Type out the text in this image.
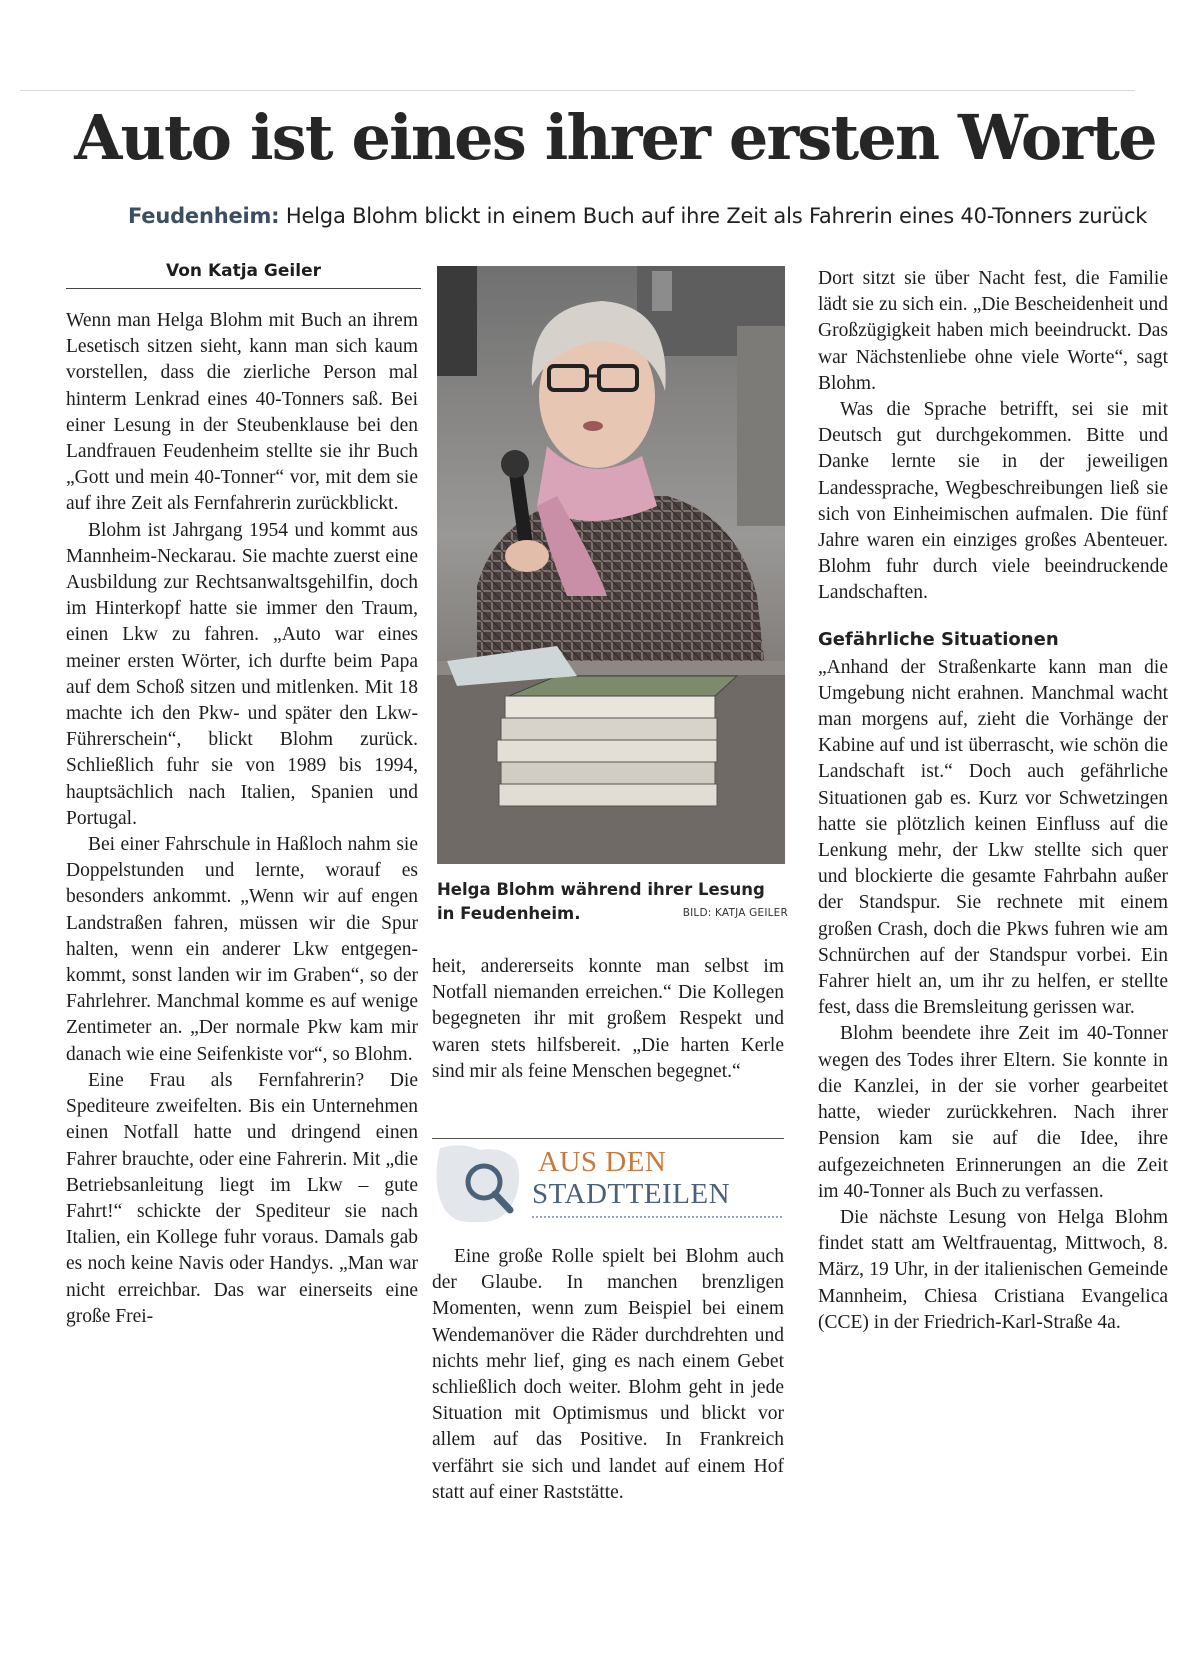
Auto ist eines ihrer ersten Worte
Feudenheim: Helga Blohm blickt in einem Buch auf ihre Zeit als Fahrerin eines 40-Tonners zurück
Von Katja Geiler

Wenn man Helga Blohm mit Buch an ihrem Lesetisch sitzen sieht, kann man sich kaum vorstellen, dass die zierliche Person mal hinterm Lenkrad eines 40-Tonners saß. Bei einer Lesung in der Steubenklause bei den Landfrauen Feudenheim stellte sie ihr Buch „Gott und mein 40-Tonner“ vor, mit dem sie auf ihre Zeit als Fernfahrerin zurückblickt.

Blohm ist Jahrgang 1954 und kommt aus Mannheim-Neckarau. Sie machte zuerst eine Ausbildung zur Rechtsanwaltsgehilfin, doch im Hinterkopf hatte sie immer den Traum, einen Lkw zu fahren. „Auto war eines meiner ersten Wörter, ich durfte beim Papa auf dem Schoß sitzen und mitlenken. Mit 18 machte ich den Pkw- und später den Lkw-Führerschein“, blickt Blohm zurück. Schließlich fuhr sie von 1989 bis 1994, hauptsächlich nach Italien, Spanien und Portugal.

Bei einer Fahrschule in Haßloch nahm sie Doppelstunden und lernte, worauf es besonders ankommt. „Wenn wir auf engen Landstraßen fahren, müssen wir die Spur halten, wenn ein anderer Lkw entgegenkommt, sonst landen wir im Graben“, so der Fahrlehrer. Manchmal komme es auf wenige Zentimeter an. „Der normale Pkw kam mir danach wie eine Seifenkiste vor“, so Blohm.

Eine Frau als Fernfahrerin? Die Spediteure zweifelten. Bis ein Unternehmen einen Notfall hatte und dringend einen Fahrer brauchte, oder eine Fahrerin. Mit „die Betriebsanleitung liegt im Lkw – gute Fahrt!“ schickte der Spediteur sie nach Italien, ein Kollege fuhr voraus. Damals gab es noch keine Navis oder Handys. „Man war nicht erreichbar. Das war einerseits eine große Frei-

Helga Blohm während ihrer Lesung in Feudenheim.	BILD: KATJA GEILER

heit, andererseits konnte man selbst im Notfall niemanden erreichen.“ Die Kollegen begegneten ihr mit großem Respekt und waren stets hilfsbereit. „Die harten Kerle sind mir als feine Menschen begegnet.“

AUS DEN
STADTTEILEN

Eine große Rolle spielt bei Blohm auch der Glaube. In manchen brenzligen Momenten, wenn zum Beispiel bei einem Wendemanöver die Räder durchdrehten und nichts mehr lief, ging es nach einem Gebet schließlich doch weiter. Blohm geht in jede Situation mit Optimismus und blickt vor allem auf das Positive. In Frankreich verfährt sie sich und landet auf einem Hof statt auf einer Raststätte.

Dort sitzt sie über Nacht fest, die Familie lädt sie zu sich ein. „Die Bescheidenheit und Großzügigkeit haben mich beeindruckt. Das war Nächstenliebe ohne viele Worte“, sagt Blohm.

Was die Sprache betrifft, sei sie mit Deutsch gut durchgekommen. Bitte und Danke lernte sie in der jeweiligen Landessprache, Wegbeschreibungen ließ sie sich von Einheimischen aufmalen. Die fünf Jahre waren ein einziges großes Abenteuer. Blohm fuhr durch viele beeindruckende Landschaften.

Gefährliche Situationen

„Anhand der Straßenkarte kann man die Umgebung nicht erahnen. Manchmal wacht man morgens auf, zieht die Vorhänge der Kabine auf und ist überrascht, wie schön die Landschaft ist.“ Doch auch gefährliche Situationen gab es. Kurz vor Schwetzingen hatte sie plötzlich keinen Einfluss auf die Lenkung mehr, der Lkw stellte sich quer und blockierte die gesamte Fahrbahn außer der Standspur. Sie rechnete mit einem großen Crash, doch die Pkws fuhren wie am Schnürchen auf der Standspur vorbei. Ein Fahrer hielt an, um ihr zu helfen, er stellte fest, dass die Bremsleitung gerissen war.

Blohm beendete ihre Zeit im 40-Tonner wegen des Todes ihrer Eltern. Sie konnte in die Kanzlei, in der sie vorher gearbeitet hatte, wieder zurückkehren. Nach ihrer Pension kam sie auf die Idee, ihre aufgezeichneten Erinnerungen an die Zeit im 40-Tonner als Buch zu verfassen.

Die nächste Lesung von Helga Blohm findet statt am Weltfrauentag, Mittwoch, 8. März, 19 Uhr, in der italienischen Gemeinde Mannheim, Chiesa Cristiana Evangelica (CCE) in der Friedrich-Karl-Straße 4a.
